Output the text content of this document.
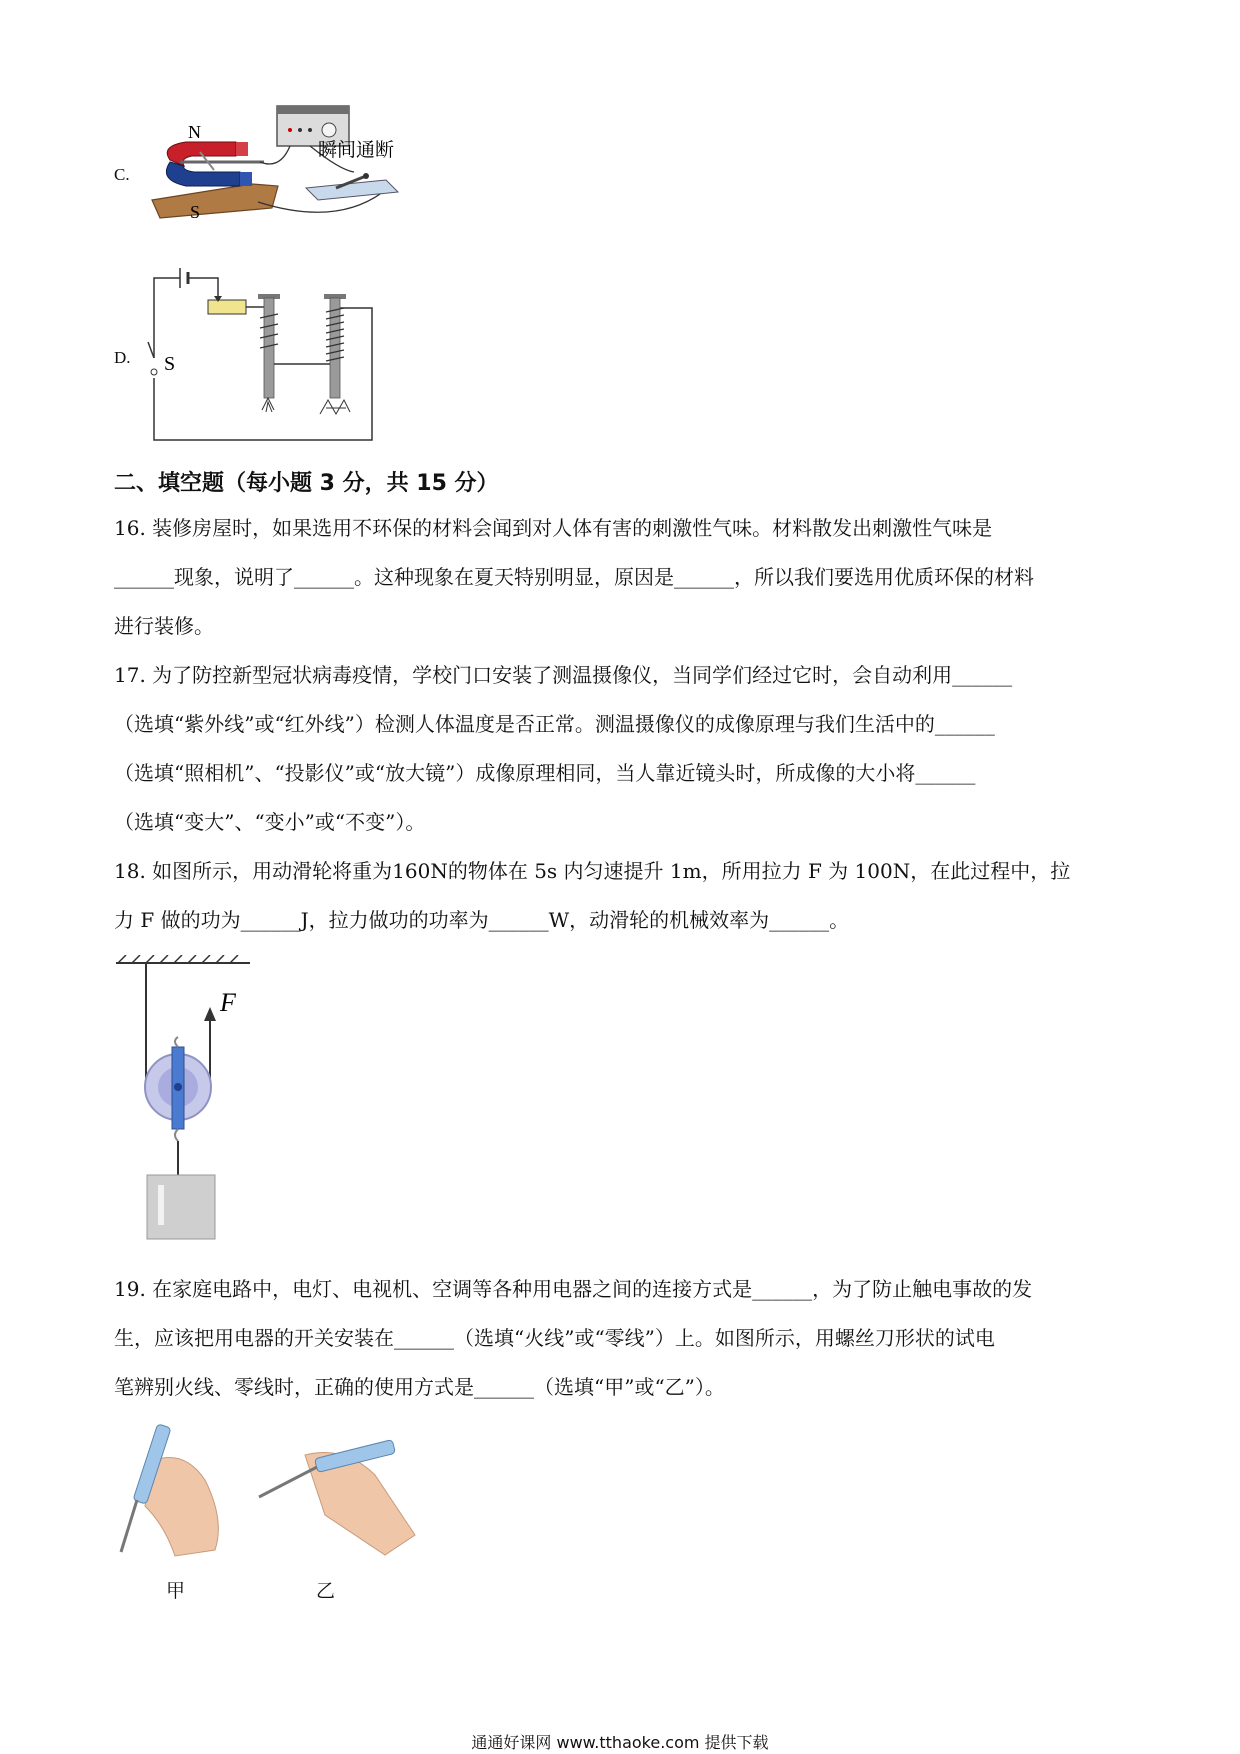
C.
N
S
瞬间通断
D. S
二、填空题（每小题 3 分，共 15 分）
16. 装修房屋时，如果选用不环保的材料会闻到对人体有害的刺激性气味。材料散发出刺激性气味是
______现象，说明了______。这种现象在夏天特别明显，原因是______，所以我们要选用优质环保的材料
进行装修。
17. 为了防控新型冠状病毒疫情，学校门口安装了测温摄像仪，当同学们经过它时，会自动利用______
（选填“紫外线”或“红外线”）检测人体温度是否正常。测温摄像仪的成像原理与我们生活中的______
（选填“照相机”、“投影仪”或“放大镜”）成像原理相同，当人靠近镜头时，所成像的大小将______
（选填“变大”、“变小”或“不变”）。
18. 如图所示，用动滑轮将重为160N的物体在 5s 内匀速提升 1m，所用拉力 F 为 100N，在此过程中，拉
力 F 做的功为______J，拉力做功的功率为______W，动滑轮的机械效率为______。
F
19. 在家庭电路中，电灯、电视机、空调等各种用电器之间的连接方式是______，为了防止触电事故的发
生，应该把用电器的开关安装在______（选填“火线”或“零线”）上。如图所示，用螺丝刀形状的试电
笔辨别火线、零线时，正确的使用方式是______（选填“甲”或“乙”）。
甲	乙
通通好课网 www.tthaoke.com 提供下载
